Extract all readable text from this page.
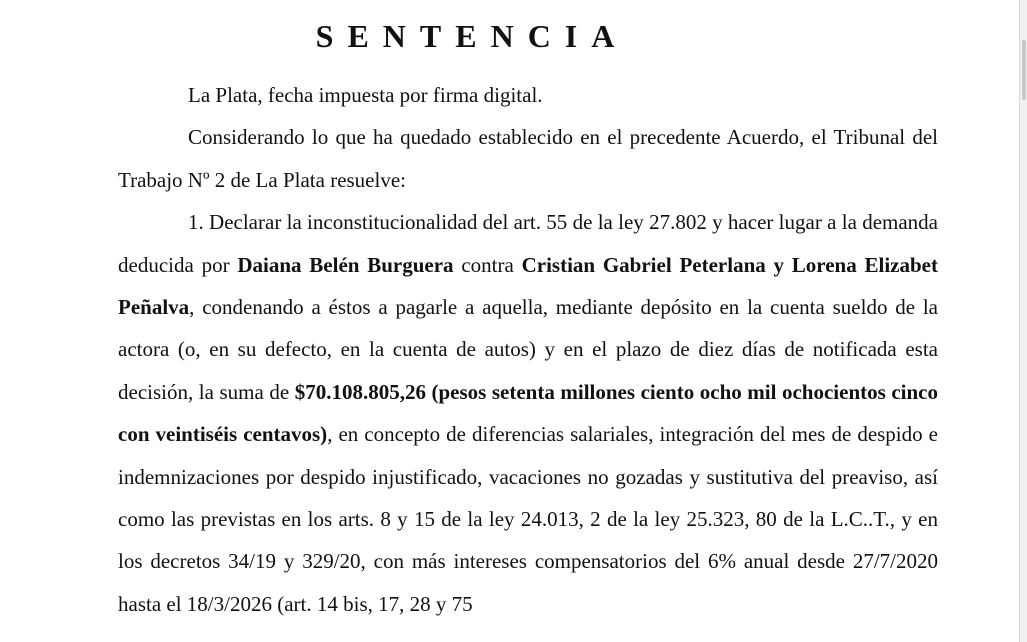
SENTENCIA

La Plata, fecha impuesta por firma digital.

Considerando lo que ha quedado establecido en el precedente Acuerdo, el Tribunal del Trabajo Nº 2 de La Plata resuelve:

1. Declarar la inconstitucionalidad del art. 55 de la ley 27.802 y hacer lugar a la demanda deducida por Daiana Belén Burguera contra Cristian Gabriel Peterlana y Lorena Elizabet Peñalva, condenando a éstos a pagarle a aquella, mediante depósito en la cuenta sueldo de la actora (o, en su defecto, en la cuenta de autos) y en el plazo de diez días de notificada esta decisión, la suma de $70.108.805,26 (pesos setenta millones ciento ocho mil ochocientos cinco con veintiséis centavos), en concepto de diferencias salariales, integración del mes de despido e indemnizaciones por despido injustificado, vacaciones no gozadas y sustitutiva del preaviso, así como las previstas en los arts. 8 y 15 de la ley 24.013, 2 de la ley 25.323, 80 de la L.C..T., y en los decretos 34/19 y 329/20, con más intereses compensatorios del 6% anual desde 27/7/2020 hasta el 18/3/2026 (art. 14 bis, 17, 28 y 75
